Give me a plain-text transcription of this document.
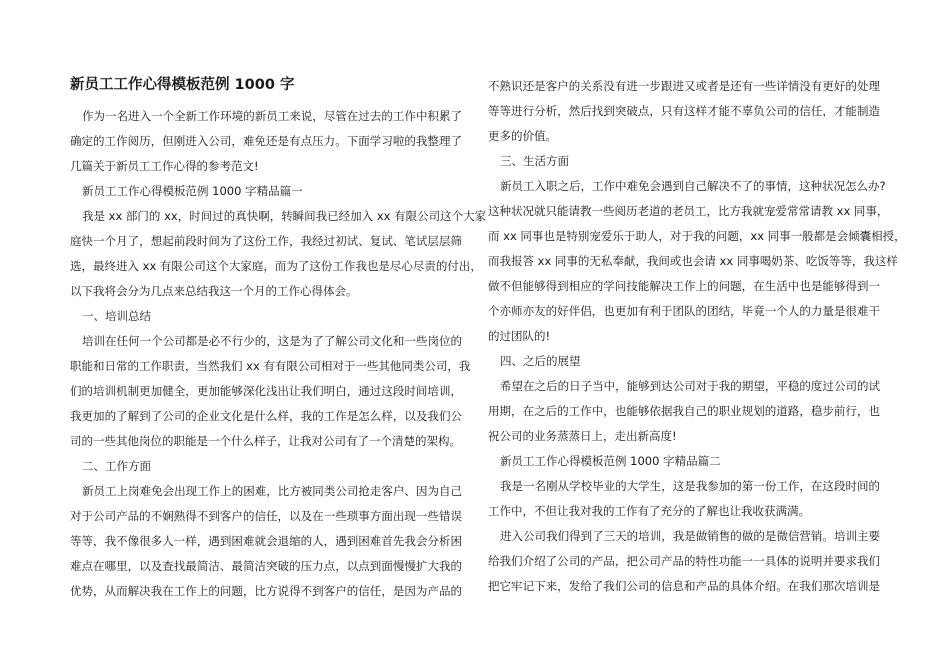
新员工工作心得模板范例 1000 字
作为一名进入一个全新工作环境的新员工来说，尽管在过去的工作中积累了
确定的工作阅历，但刚进入公司，难免还是有点压力。下面学习啦的我整理了
几篇关于新员工工作心得的参考范文!
新员工工作心得模板范例 1000 字精品篇一
我是 xx 部门的 xx，时间过的真快啊，转瞬间我已经加入 xx 有限公司这个大家
庭快一个月了，想起前段时间为了这份工作，我经过初试、复试、笔试层层筛
选，最终进入 xx 有限公司这个大家庭，而为了这份工作我也是尽心尽责的付出，
以下我将会分为几点来总结我这一个月的工作心得体会。
一、培训总结
培训在任何一个公司都是必不行少的，这是为了了解公司文化和一些岗位的
职能和日常的工作职责，当然我们 xx 有有限公司相对于一些其他同类公司，我
们的培训机制更加健全，更加能够深化浅出让我们明白，通过这段时间培训，
我更加的了解到了公司的企业文化是什么样，我的工作是怎么样，以及我们公
司的一些其他岗位的职能是一个什么样子，让我对公司有了一个清楚的架构。
二、工作方面
新员工上岗难免会出现工作上的困难，比方被同类公司抢走客户、因为自己
对于公司产品的不娴熟得不到客户的信任，以及在一些琐事方面出现一些错误
等等，我不像很多人一样，遇到困难就会退缩的人，遇到困难首先我会分析困
难点在哪里，以及查找最简洁、最简洁突破的压力点，以点到面慢慢扩大我的
优势，从而解决我在工作上的问题，比方说得不到客户的信任，是因为产品的
不熟识还是客户的关系没有进一步跟进又或者是还有一些详情没有更好的处理
等等进行分析，然后找到突破点，只有这样才能不辜负公司的信任，才能制造
更多的价值。
三、生活方面
新员工入职之后，工作中难免会遇到自己解决不了的事情，这种状况怎么办?
这种状况就只能请教一些阅历老道的老员工，比方我就宠爱常常请教 xx 同事，
而 xx 同事也是特别宠爱乐于助人，对于我的问题，xx 同事一般都是会倾囊相授，
而我报答 xx 同事的无私奉献，我间或也会请 xx 同事喝奶茶、吃饭等等，我这样
做不但能够得到相应的学问技能解决工作上的问题，在生活中也是能够得到一
个亦师亦友的好伴侣，也更加有利于团队的团结，毕竟一个人的力量是很难干
的过团队的!
四、之后的展望
希望在之后的日子当中，能够到达公司对于我的期望，平稳的度过公司的试
用期，在之后的工作中，也能够依据我自己的职业规划的道路，稳步前行，也
祝公司的业务蒸蒸日上，走出新高度!
新员工工作心得模板范例 1000 字精品篇二
我是一名刚从学校毕业的大学生，这是我参加的第一份工作，在这段时间的
工作中，不但让我对我的工作有了充分的了解也让我收获满满。
进入公司我们得到了三天的培训，我是做销售的做的是微信营销。培训主要
给我们介绍了公司的产品，把公司产品的特性功能一一具体的说明并要求我们
把它牢记下来，发给了我们公司的信息和产品的具体介绍。在我们那次培训是
